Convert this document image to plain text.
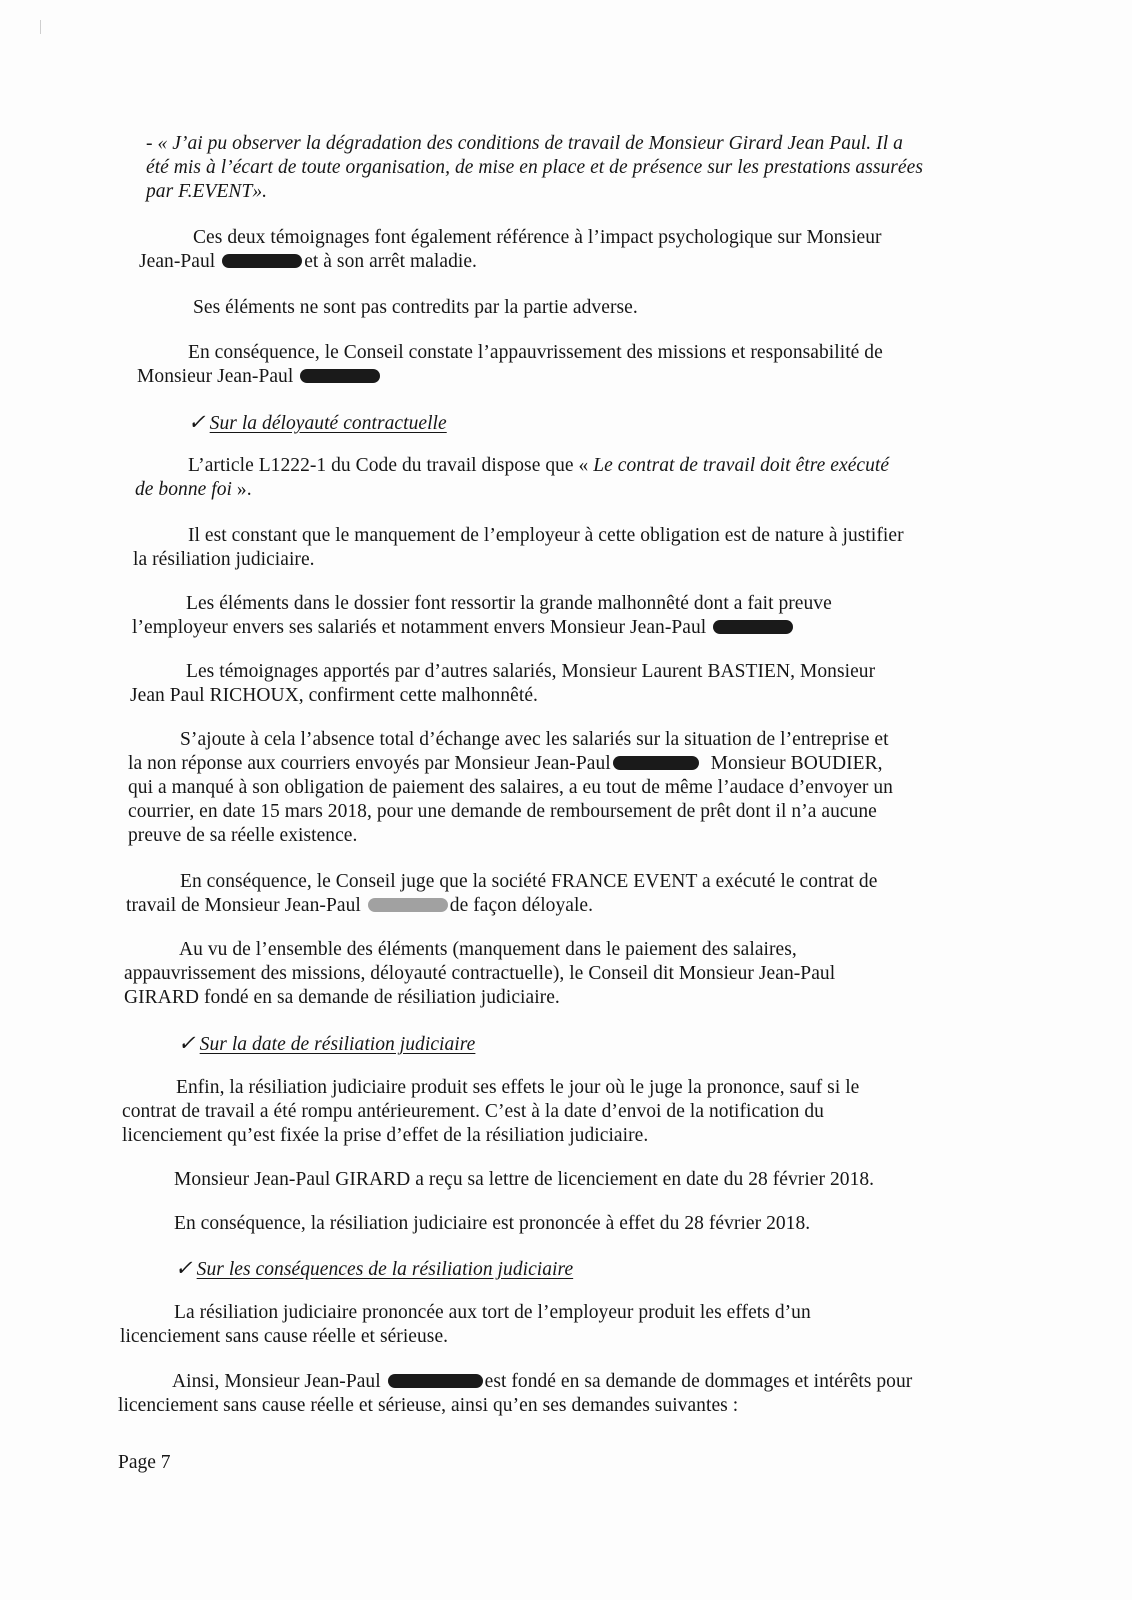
- « J’ai pu observer la dégradation des conditions de travail de Monsieur Girard Jean Paul. Il a
été mis à l’écart de toute organisation, de mise en place et de présence sur les prestations assurées
par F.EVENT».
Ces deux témoignages font également référence à l’impact psychologique sur Monsieur
Jean-Paul	et à son arrêt maladie.
Ses éléments ne sont pas contredits par la partie adverse.
En conséquence, le Conseil constate l’appauvrissement des missions et responsabilité de
Monsieur Jean-Paul
✓ Sur la déloyauté contractuelle
L’article L1222-1 du Code du travail dispose que « Le contrat de travail doit être exécuté
de bonne foi ».
Il est constant que le manquement de l’employeur à cette obligation est de nature à justifier
la résiliation judiciaire.
Les éléments dans le dossier font ressortir la grande malhonnêté dont a fait preuve
l’employeur envers ses salariés et notamment envers Monsieur Jean-Paul
Les témoignages apportés par d’autres salariés, Monsieur Laurent BASTIEN, Monsieur
Jean Paul RICHOUX, confirment cette malhonnêté.
S’ajoute à cela l’absence total d’échange avec les salariés sur la situation de l’entreprise et
la non réponse aux courriers envoyés par Monsieur Jean-Paul	Monsieur BOUDIER,
qui a manqué à son obligation de paiement des salaires, a eu tout de même l’audace d’envoyer un
courrier, en date 15 mars 2018, pour une demande de remboursement de prêt dont il n’a aucune
preuve de sa réelle existence.
En conséquence, le Conseil juge que la société FRANCE EVENT a exécuté le contrat de
travail de Monsieur Jean-Paul	de façon déloyale.
Au vu de l’ensemble des éléments (manquement dans le paiement des salaires,
appauvrissement des missions, déloyauté contractuelle), le Conseil dit Monsieur Jean-Paul
GIRARD fondé en sa demande de résiliation judiciaire.
✓ Sur la date de résiliation judiciaire
Enfin, la résiliation judiciaire produit ses effets le jour où le juge la prononce, sauf si le
contrat de travail a été rompu antérieurement. C’est à la date d’envoi de la notification du
licenciement qu’est fixée la prise d’effet de la résiliation judiciaire.
Monsieur Jean-Paul GIRARD a reçu sa lettre de licenciement en date du 28 février 2018.
En conséquence, la résiliation judiciaire est prononcée à effet du 28 février 2018.
✓ Sur les conséquences de la résiliation judiciaire
La résiliation judiciaire prononcée aux tort de l’employeur produit les effets d’un
licenciement sans cause réelle et sérieuse.
Ainsi, Monsieur Jean-Paul	est fondé en sa demande de dommages et intérêts pour
licenciement sans cause réelle et sérieuse, ainsi qu’en ses demandes suivantes :
Page 7
